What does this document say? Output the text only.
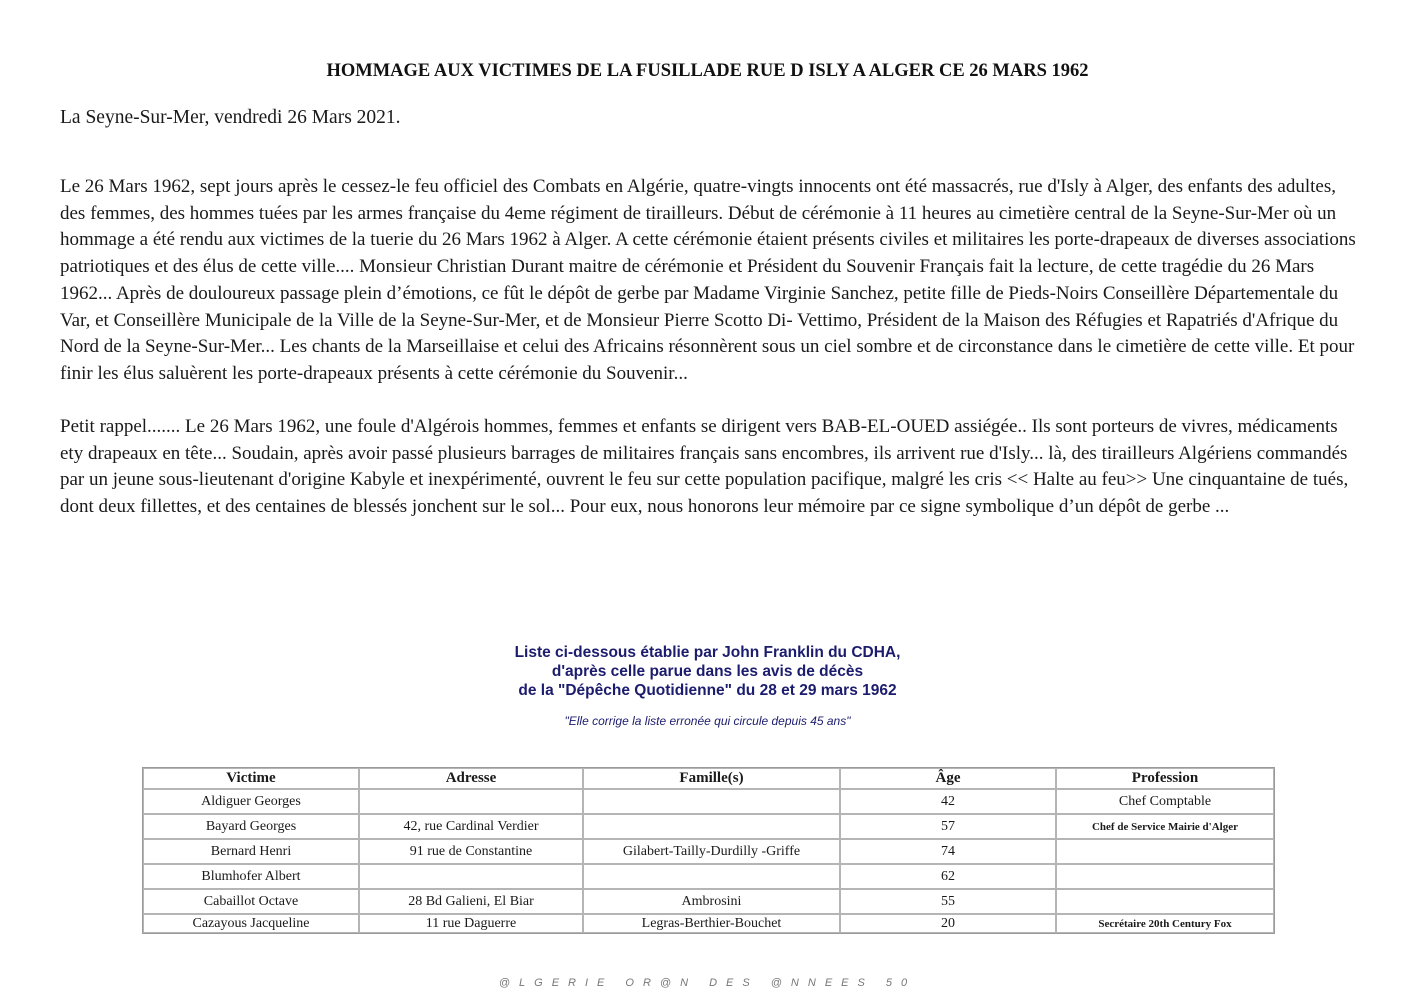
HOMMAGE AUX VICTIMES DE LA FUSILLADE RUE D ISLY A ALGER CE 26 MARS 1962
La Seyne-Sur-Mer, vendredi 26 Mars 2021.

Le 26 Mars 1962, sept jours après le cessez-le feu officiel des Combats en Algérie, quatre-vingts innocents ont été massacrés, rue d'Isly à Alger, des enfants des adultes, des femmes, des hommes tuées par les armes française du 4eme régiment de tirailleurs. Début de cérémonie à 11 heures au cimetière central de la Seyne-Sur-Mer où un hommage a été rendu aux victimes de la tuerie du 26 Mars 1962 à Alger. A cette cérémonie étaient présents civiles et militaires les porte-drapeaux de diverses associations patriotiques et des élus de cette ville.... Monsieur Christian Durant maitre de cérémonie et Président du Souvenir Français fait la lecture, de cette tragédie du 26 Mars 1962... Après de douloureux passage plein d’émotions, ce fût le dépôt de gerbe par Madame Virginie Sanchez, petite fille de Pieds-Noirs Conseillère Départementale du Var, et Conseillère Municipale de la Ville de la Seyne-Sur-Mer, et de Monsieur Pierre Scotto Di- Vettimo, Président de la Maison des Réfugies et Rapatriés d'Afrique du Nord de la Seyne-Sur-Mer... Les chants de la Marseillaise et celui des Africains résonnèrent sous un ciel sombre et de circonstance dans le cimetière de cette ville. Et pour finir les élus saluèrent les porte-drapeaux présents à cette cérémonie du Souvenir...

Petit rappel....... Le 26 Mars 1962, une foule d'Algérois hommes, femmes et enfants se dirigent vers BAB-EL-OUED assiégée.. Ils sont porteurs de vivres, médicaments ety drapeaux en tête... Soudain, après avoir passé plusieurs barrages de militaires français sans encombres, ils arrivent rue d'Isly... là, des tirailleurs Algériens commandés par un jeune sous-lieutenant d'origine Kabyle et inexpérimenté, ouvrent le feu sur cette population pacifique, malgré les cris << Halte au feu>> Une cinquantaine de tués, dont deux fillettes, et des centaines de blessés jonchent sur le sol... Pour eux, nous honorons leur mémoire par ce signe symbolique d’un dépôt de gerbe ...

Liste ci-dessous établie par John Franklin du CDHA,
d'après celle parue dans les avis de décès
de la "Dépêche Quotidienne" du 28 et 29 mars 1962
"Elle corrige la liste erronée qui circule depuis 45 ans"
Victime	Adresse	Famille(s)	Âge	Profession
Aldiguer Georges			42	Chef Comptable
Bayard Georges	42, rue Cardinal Verdier		57	Chef de Service Mairie d'Alger
Bernard Henri	91 rue de Constantine	Gilabert-Tailly-Durdilly -Griffe	74	
Blumhofer Albert			62	
Cabaillot Octave	28 Bd Galieni, El Biar	Ambrosini	55	
Cazayous Jacqueline	11 rue Daguerre	Legras-Berthier-Bouchet	20	Secrétaire 20th Century Fox
@LGERIE OR@N DES @NNEES 50
